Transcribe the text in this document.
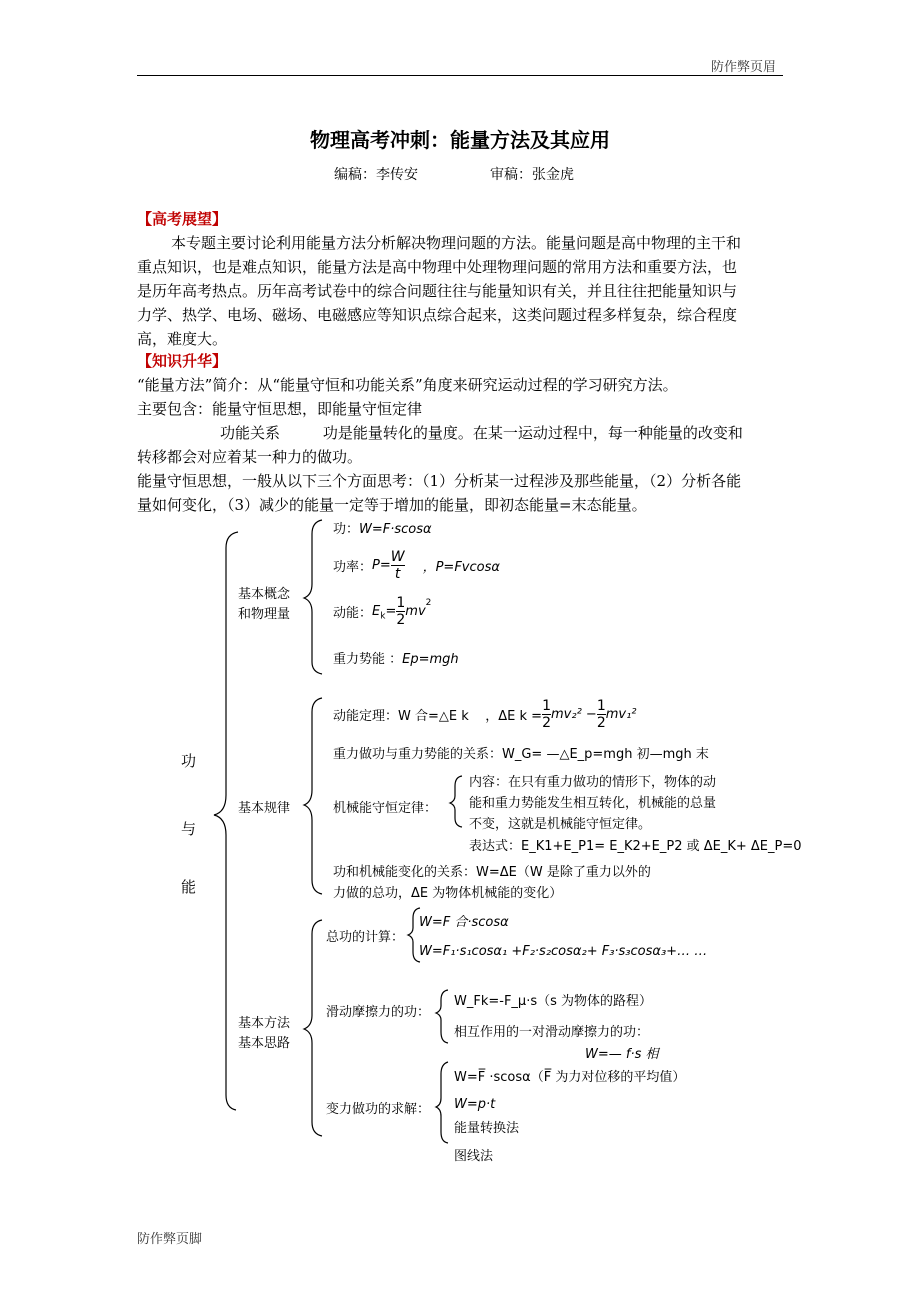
防作弊页眉
物理高考冲刺：能量方法及其应用
编稿：李传安	审稿：张金虎
【高考展望】
本专题主要讨论利用能量方法分析解决物理问题的方法。能量问题是高中物理的主干和
重点知识，也是难点知识，能量方法是高中物理中处理物理问题的常用方法和重要方法，也
是历年高考热点。历年高考试卷中的综合问题往往与能量知识有关，并且往往把能量知识与
力学、热学、电场、磁场、电磁感应等知识点综合起来，这类问题过程多样复杂，综合程度
高，难度大。
【知识升华】
“能量方法”简介：从“能量守恒和功能关系”角度来研究运动过程的学习研究方法。
主要包含：能量守恒思想，即能量守恒定律
功能关系         功是能量转化的量度。在某一运动过程中，每一种能量的改变和
转移都会对应着某一种力的做功。
能量守恒思想，一般从以下三个方面思考：（1）分析某一过程涉及那些能量，（2）分析各能
量如何变化，（3）减少的能量一定等于增加的能量，即初态能量=末态能量。
功
与
能
基本概念
和物理量
功：W=F·scosα
功率：$P= \frac{W}{t}$ ，P=Fvcosα
动能：$E_k= \frac{1}{2} mv^2$
重力势能 ：Ep=mgh
基本规律
动能定理：W 合=△E k    ，ΔE $k = \frac{1}{2} mv_2^2 - \frac{1}{2} mv_1^2$
重力做功与重力势能的关系：W_G= —△E_p=mgh 初—mgh 末
机械能守恒定律：
内容：在只有重力做功的情形下，物体的动
能和重力势能发生相互转化，机械能的总量
不变，这就是机械能守恒定律。
表达式：E_K1+E_P1= E_K2+E_P2 或 ΔE_K+ ΔE_P=0
功和机械能变化的关系：W=ΔE（W 是除了重力以外的
力做的总功，ΔE 为物体机械能的变化）
基本方法
基本思路
总功的计算：
W=F 合·scosα
W=F₁·s₁cosα₁ +F₂·s₂cosα₂+ F₃·s₃cosα₃+… …
滑动摩擦力的功：
W_Fk=-F_μ·s（s 为物体的路程）
相互作用的一对滑动摩擦力的功：
W=— f·s 相
变力做功的求解：
W=F̅ ·scosα（F̅ 为力对位移的平均值）
W=p·t
能量转换法
图线法
防作弊页脚
